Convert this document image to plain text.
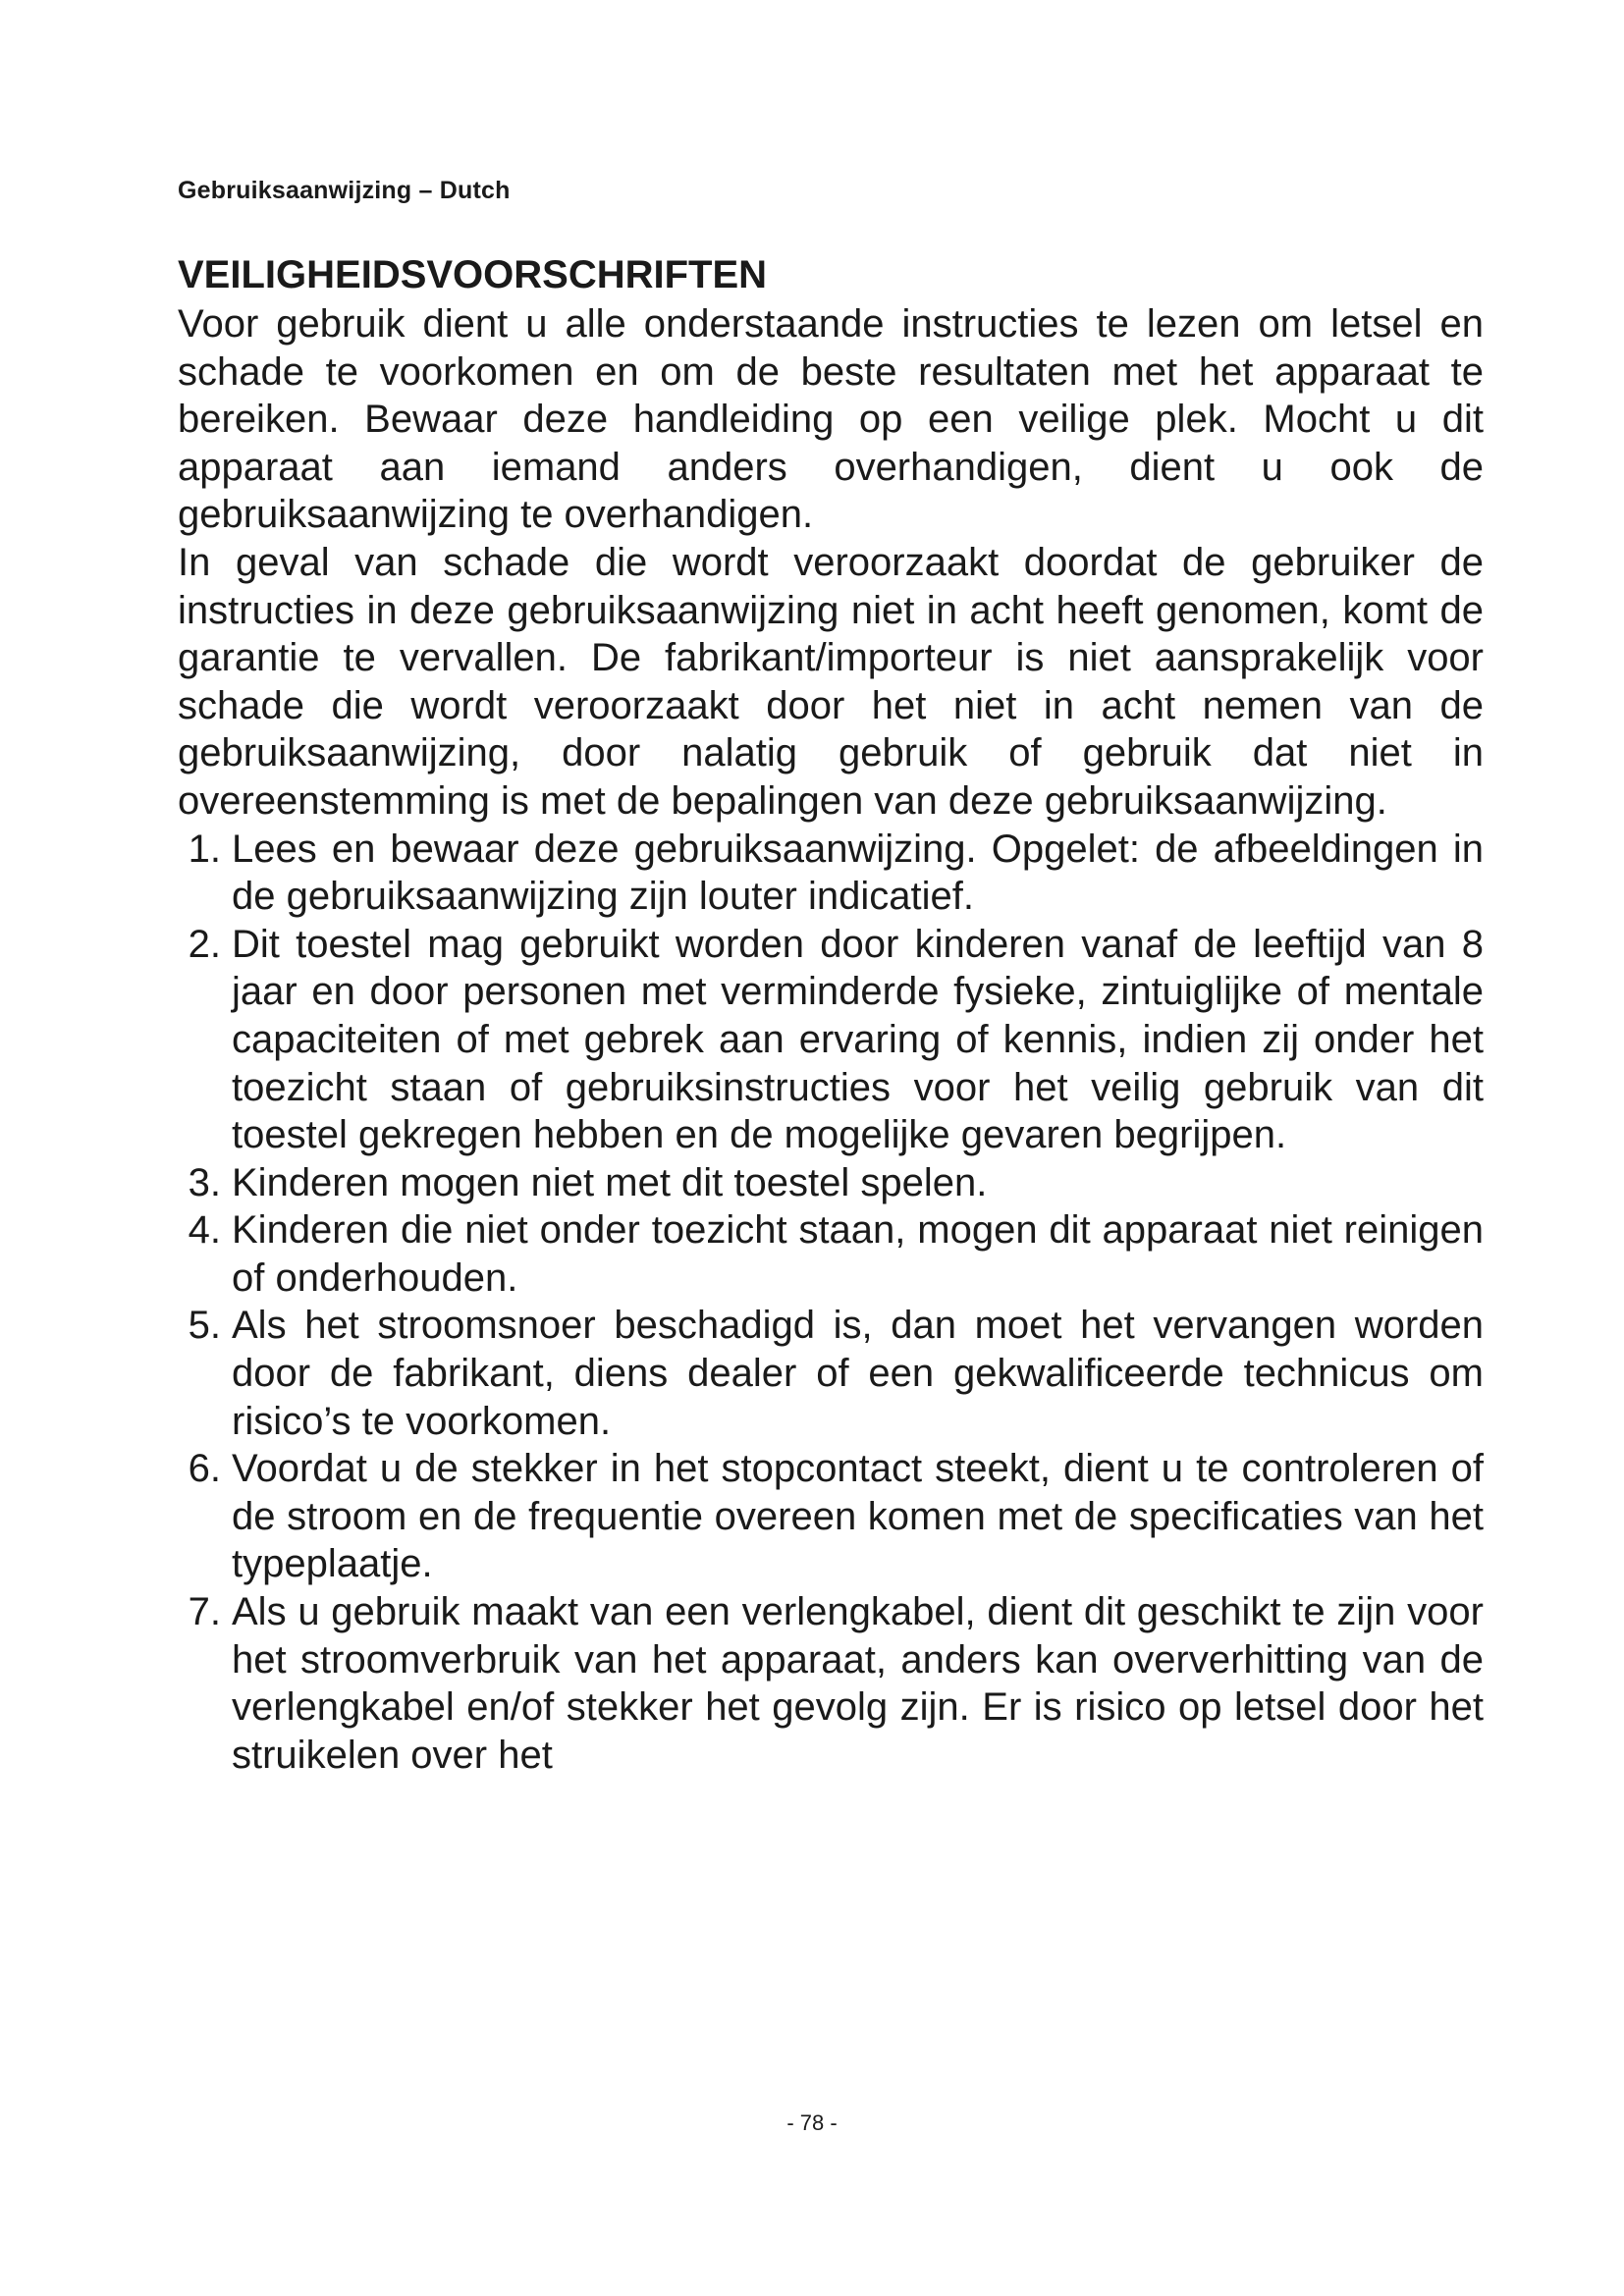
Gebruiksaanwijzing – Dutch
VEILIGHEIDSVOORSCHRIFTEN

Voor gebruik dient u alle onderstaande instructies te lezen om letsel en schade te voorkomen en om de beste resultaten met het apparaat te bereiken. Bewaar deze handleiding op een veilige plek. Mocht u dit apparaat aan iemand anders overhandigen, dient u ook de gebruiksaanwijzing te overhandigen.

In geval van schade die wordt veroorzaakt doordat de gebruiker de instructies in deze gebruiksaanwijzing niet in acht heeft genomen, komt de garantie te vervallen. De fabrikant/importeur is niet aansprakelijk voor schade die wordt veroorzaakt door het niet in acht nemen van de gebruiksaanwijzing, door nalatig gebruik of gebruik dat niet in overeenstemming is met de bepalingen van deze gebruiksaanwijzing.

1. Lees en bewaar deze gebruiksaanwijzing. Opgelet: de afbeeldingen in de gebruiksaanwijzing zijn louter indicatief.
2. Dit toestel mag gebruikt worden door kinderen vanaf de leeftijd van 8 jaar en door personen met verminderde fysieke, zintuiglijke of mentale capaciteiten of met gebrek aan ervaring of kennis, indien zij onder het toezicht staan of gebruiksinstructies voor het veilig gebruik van dit toestel gekregen hebben en de mogelijke gevaren begrijpen.
3. Kinderen mogen niet met dit toestel spelen.
4. Kinderen die niet onder toezicht staan, mogen dit apparaat niet reinigen of onderhouden.
5. Als het stroomsnoer beschadigd is, dan moet het vervangen worden door de fabrikant, diens dealer of een gekwalificeerde technicus om risico’s te voorkomen.
6. Voordat u de stekker in het stopcontact steekt, dient u te controleren of de stroom en de frequentie overeen komen met de specificaties van het typeplaatje.
7. Als u gebruik maakt van een verlengkabel, dient dit geschikt te zijn voor het stroomverbruik van het apparaat, anders kan oververhitting van de verlengkabel en/of stekker het gevolg zijn. Er is risico op letsel door het struikelen over het
- 78 -
